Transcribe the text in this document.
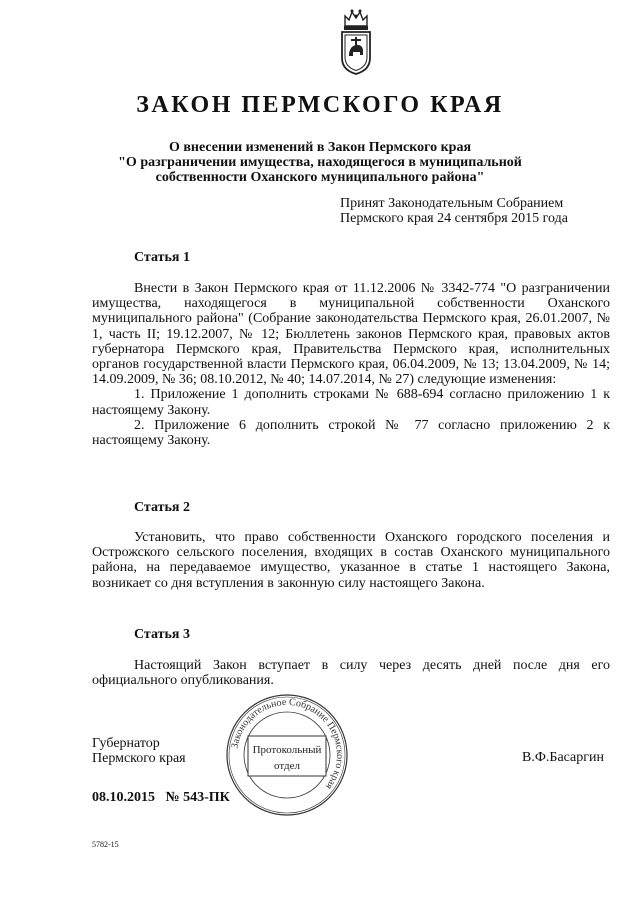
ЗАКОН ПЕРМСКОГО КРАЯ
О внесении изменений в Закон Пермского края
"О разграничении имущества, находящегося в муниципальной
собственности Оханского муниципального района"
Принят Законодательным Собранием
Пермского края 24 сентября 2015 года
Статья 1

Внести в Закон Пермского края от 11.12.2006 № 3342-774 "О разграничении имущества, находящегося в муниципальной собственности Оханского муниципального района" (Собрание законодательства Пермского края, 26.01.2007, № 1, часть II; 19.12.2007, № 12; Бюллетень законов Пермского края, правовых актов губернатора Пермского края, Правительства Пермского края, исполнительных органов государственной власти Пермского края, 06.04.2009, № 13; 13.04.2009, № 14; 14.09.2009, № 36; 08.10.2012, № 40; 14.07.2014, № 27) следующие изменения:

1. Приложение 1 дополнить строками № 688-694 согласно приложению 1 к настоящему Закону.

2. Приложение 6 дополнить строкой № 77 согласно приложению 2 к настоящему Закону.

Статья 2

Установить, что право собственности Оханского городского поселения и Острожского сельского поселения, входящих в состав Оханского муниципального района, на передаваемое имущество, указанное в статье 1 настоящего Закона, возникает со дня вступления в законную силу настоящего Закона.

Статья 3

Настоящий Закон вступает в силу через десять дней после дня его официального опубликования.

Губернатор
Пермского края	В.Ф.Басаргин
08.10.2015 № 543-ПК
Законодательное Собрание Пермского края
Протокольный
отдел
5782-15
